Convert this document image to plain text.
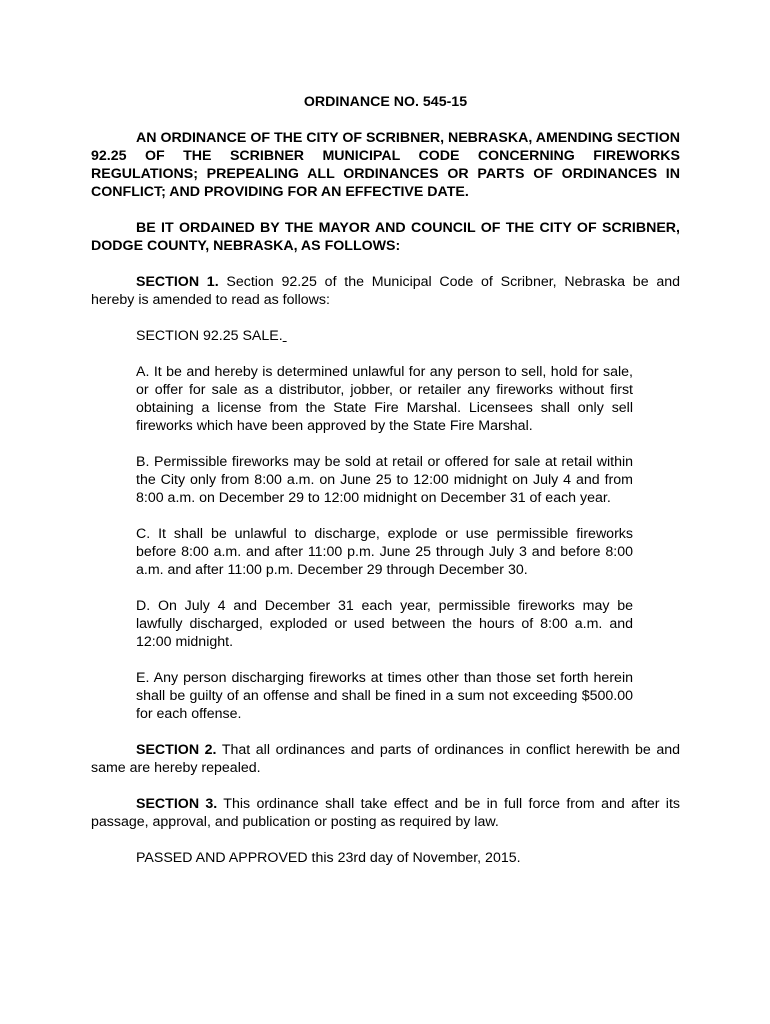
ORDINANCE NO. 545-15
AN ORDINANCE OF THE CITY OF SCRIBNER, NEBRASKA, AMENDING SECTION 92.25 OF THE SCRIBNER MUNICIPAL CODE CONCERNING FIREWORKS REGULATIONS; PREPEALING ALL ORDINANCES OR PARTS OF ORDINANCES IN CONFLICT; AND PROVIDING FOR AN EFFECTIVE DATE.
BE IT ORDAINED BY THE MAYOR AND COUNCIL OF THE CITY OF SCRIBNER, DODGE COUNTY, NEBRASKA, AS FOLLOWS:
SECTION 1. Section 92.25 of the Municipal Code of Scribner, Nebraska be and hereby is amended to read as follows:
SECTION 92.25 SALE.
A. It be and hereby is determined unlawful for any person to sell, hold for sale, or offer for sale as a distributor, jobber, or retailer any fireworks without first obtaining a license from the State Fire Marshal. Licensees shall only sell fireworks which have been approved by the State Fire Marshal.
B. Permissible fireworks may be sold at retail or offered for sale at retail within the City only from 8:00 a.m. on June 25 to 12:00 midnight on July 4 and from 8:00 a.m. on December 29 to 12:00 midnight on December 31 of each year.
C. It shall be unlawful to discharge, explode or use permissible fireworks before 8:00 a.m. and after 11:00 p.m. June 25 through July 3 and before 8:00 a.m. and after 11:00 p.m. December 29 through December 30.
D. On July 4 and December 31 each year, permissible fireworks may be lawfully discharged, exploded or used between the hours of 8:00 a.m. and 12:00 midnight.
E. Any person discharging fireworks at times other than those set forth herein shall be guilty of an offense and shall be fined in a sum not exceeding $500.00 for each offense.
SECTION 2. That all ordinances and parts of ordinances in conflict herewith be and same are hereby repealed.
SECTION 3. This ordinance shall take effect and be in full force from and after its passage, approval, and publication or posting as required by law.
PASSED AND APPROVED this 23rd day of November, 2015.
